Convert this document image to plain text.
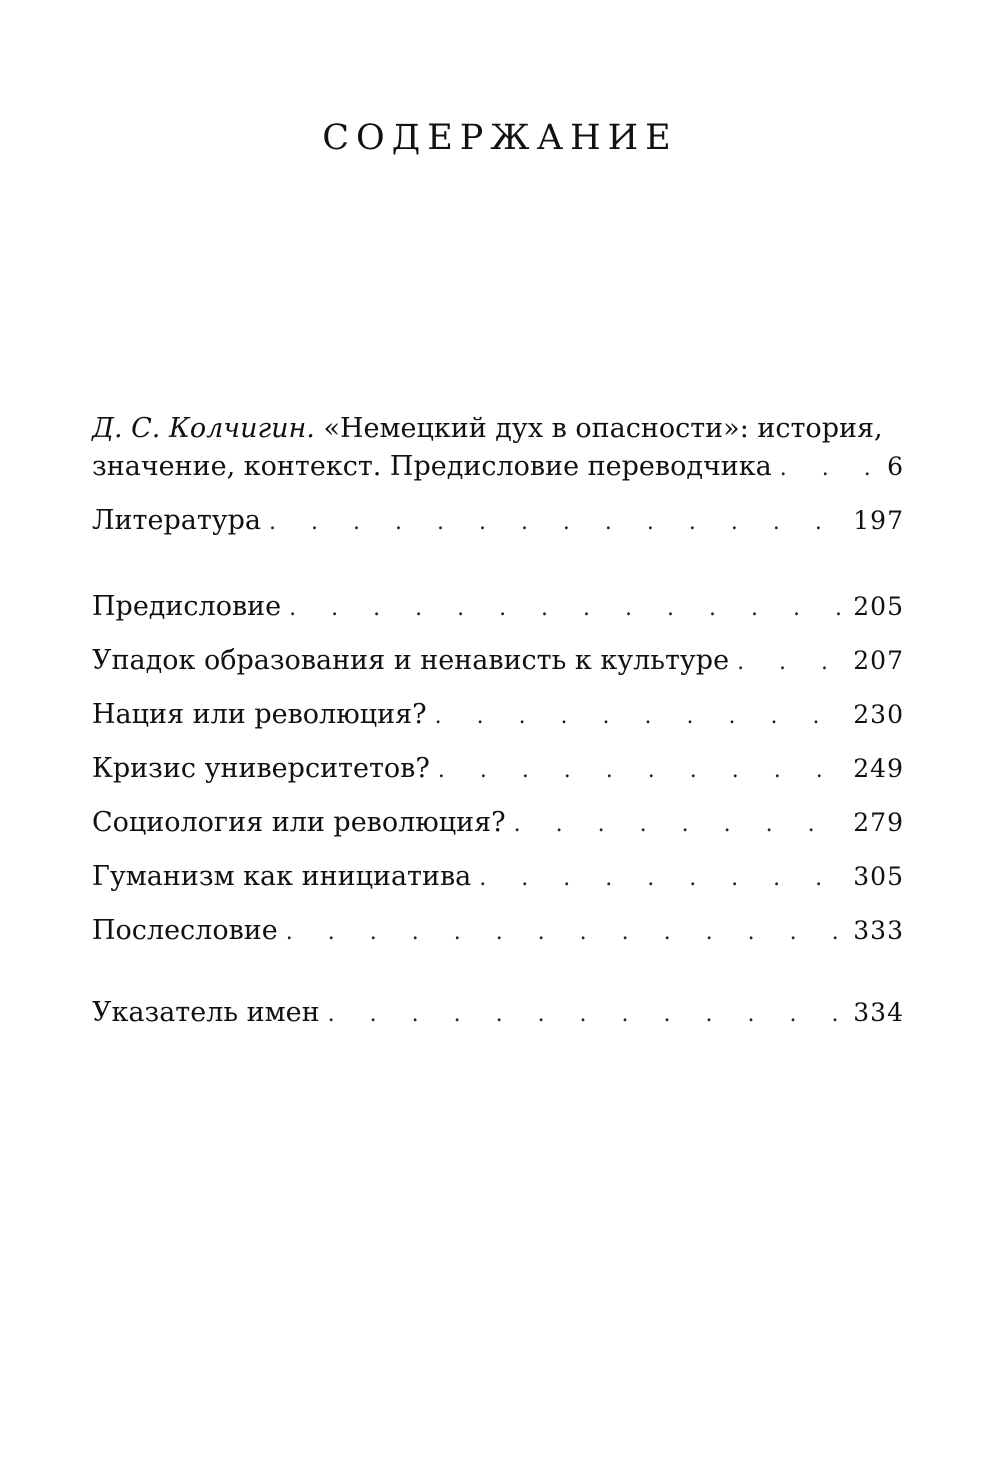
СОДЕРЖАНИЕ
Д. С. Колчигин. «Немецкий дух в опасности»: история,
значение, контекст. Предисловие переводчика . . .	6
Литература . . .	197
Предисловие . . .	205
Упадок образования и ненависть к культуре . . .	207
Нация или революция? . . .	230
Кризис университетов? . . .	249
Социология или революция? . . .	279
Гуманизм как инициатива . . .	305
Послесловие . . .	333
Указатель имен . . .	334
